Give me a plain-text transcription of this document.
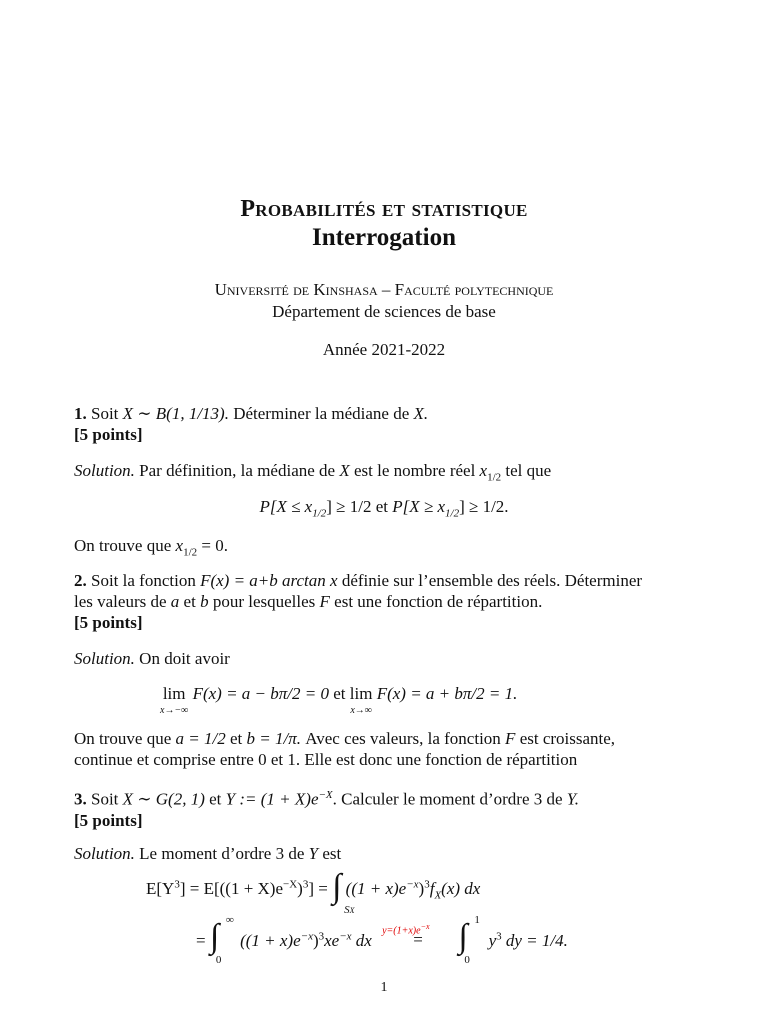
Probabilités et statistique
Interrogation
Université de Kinshasa – Faculté polytechnique
Département de sciences de base
Année 2021-2022
1. Soit X ∼ B(1, 1/13). Déterminer la médiane de X.
[5 points]
Solution. Par définition, la médiane de X est le nombre réel $x_{1/2}$ tel que
$P[X \le x_{1/2}] \ge 1/2$ et $P[X \ge x_{1/2}] \ge 1/2$.
On trouve que $x_{1/2} = 0$.
2. Soit la fonction F(x) = a+b arctan x définie sur l’ensemble des réels. Déterminer
les valeurs de a et b pour lesquelles F est une fonction de répartition.
[5 points]
Solution. On doit avoir
lim
$^{x\to-\infty}$ F(x) = a − bπ/2 = 0 et lim
$^{x\to\infty}$ F(x) = a + bπ/2 = 1.
On trouve que a = 1/2 et b = 1/π. Avec ces valeurs, la fonction F est croissante,
continue et comprise entre 0 et 1. Elle est donc une fonction de répartition
3. Soit X ∼ G(2, 1) et Y := $(1 + X)e^{-X}$. Calculer le moment d’ordre 3 de Y.
[5 points]
Solution. Le moment d’ordre 3 de Y est
$E[Y^3] = E[((1 + X)e^{-X})^3]$ = ∫
SX
$((1 + x)e^{-x})^3f_X(x)$ dx
= ∫ ∞
0
$((1 + x)e^{-x})^3xe^{-x}$ dx $y=(1+x)e^{-x}$
= ∫ 1
0
$y^3$ dy = 1/4.
1
